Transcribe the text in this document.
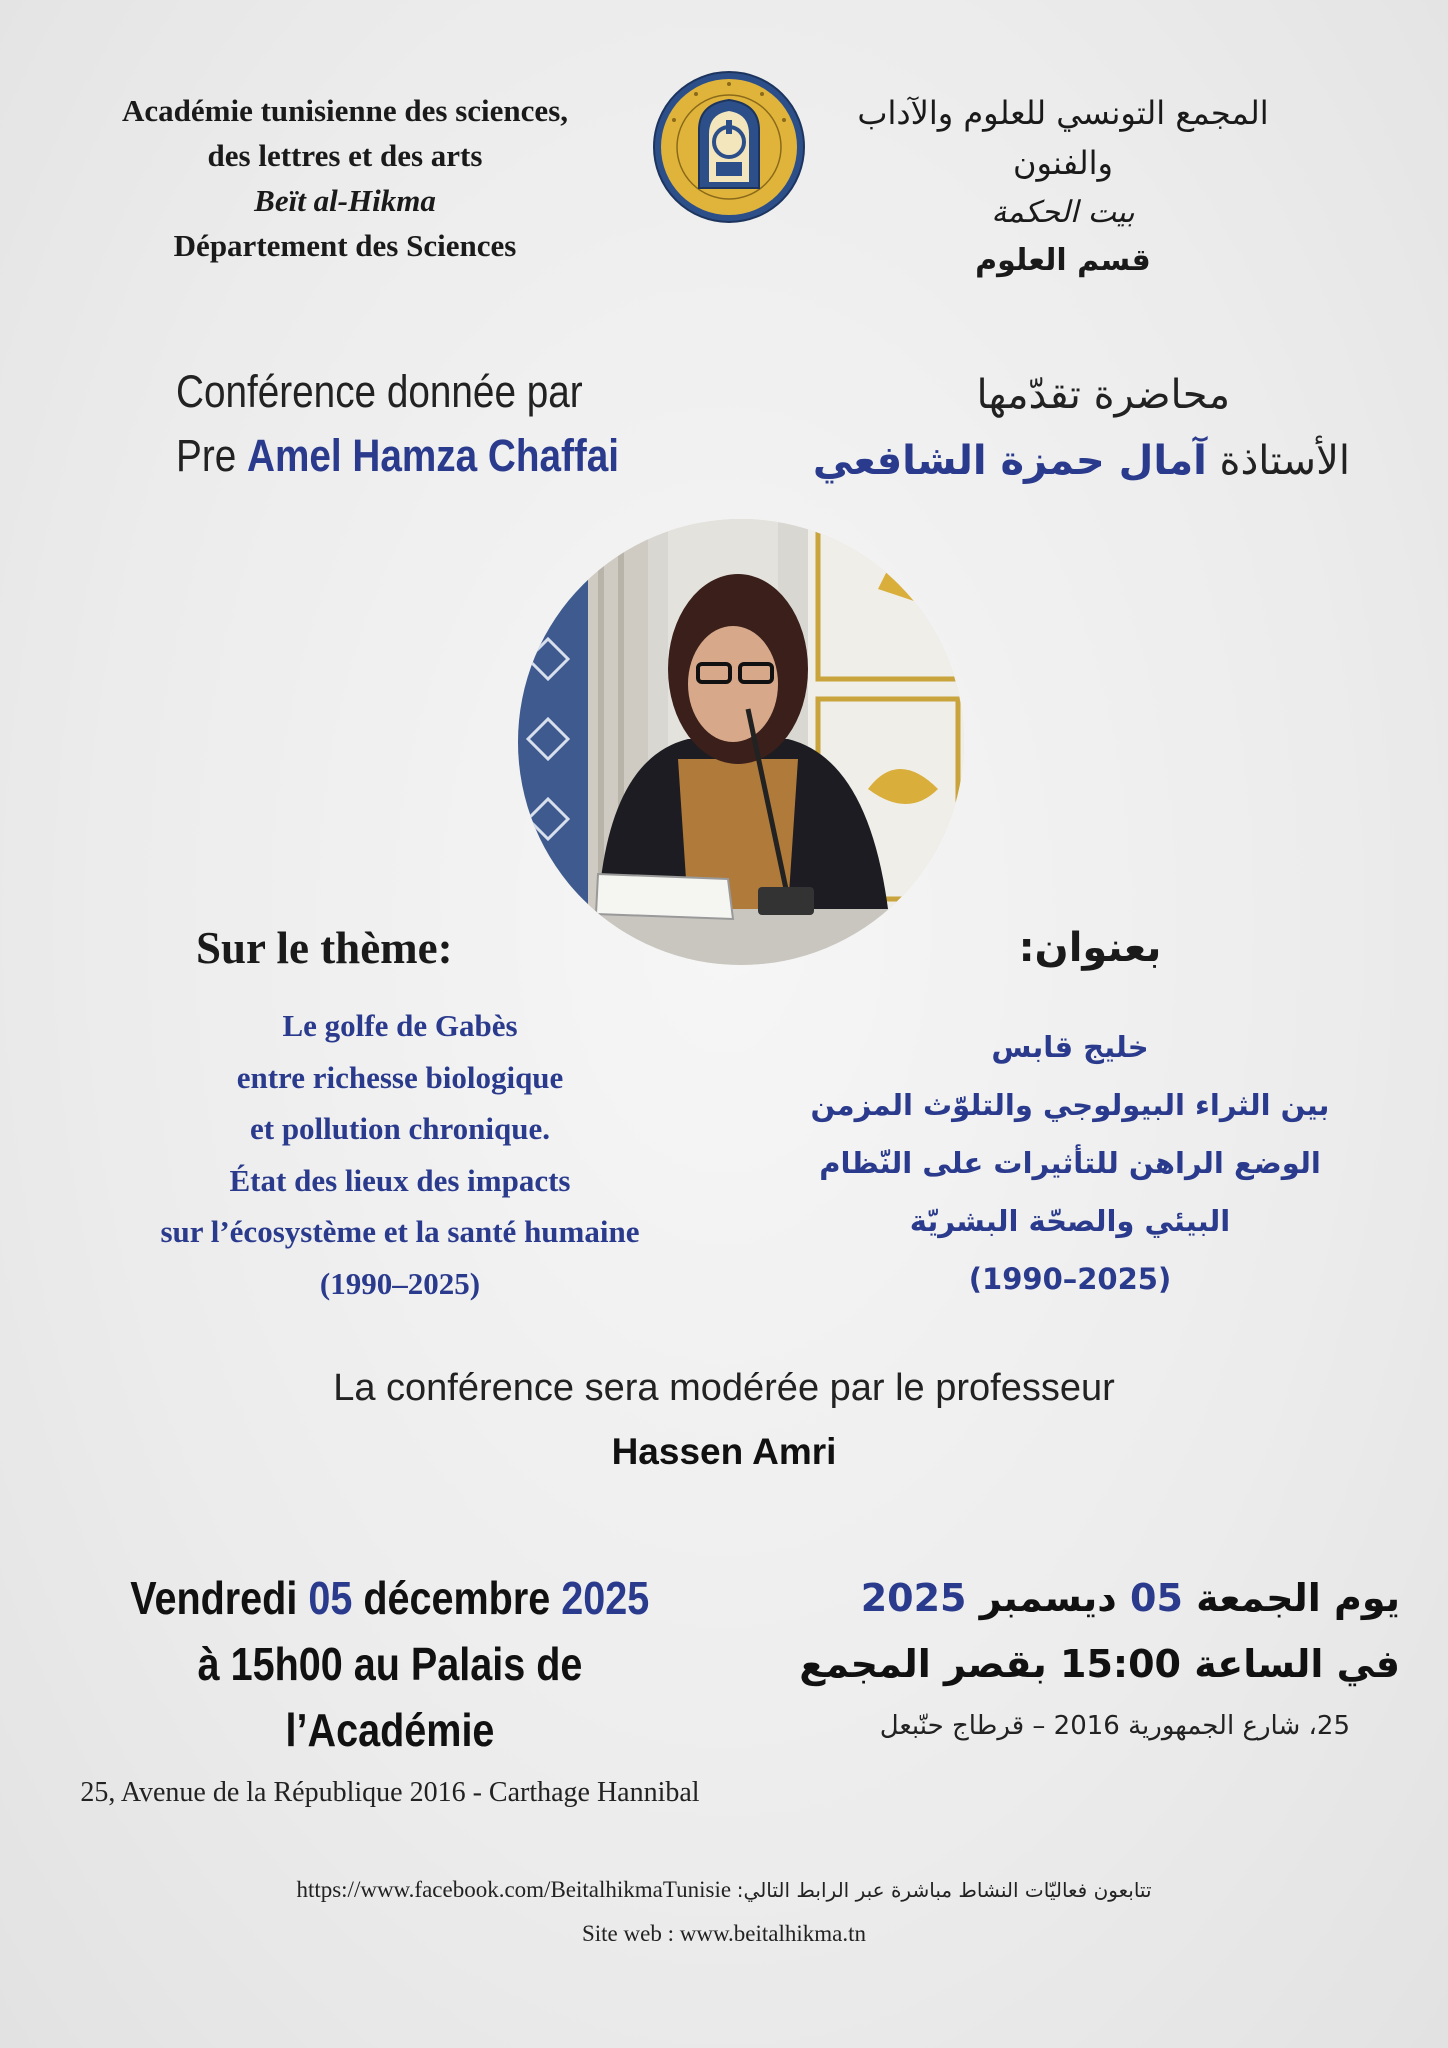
Académie tunisienne des sciences,
des lettres et des arts
Beït al-Hikma
Département des Sciences
المجمع التونسي للعلوم والآداب والفنون
بيت الحكمة
قسم العلوم
Conférence donnée par
Pre Amel Hamza Chaffai
محاضرة تقدّمها
الأستاذة آمال حمزة الشافعي
Sur le thème:
Le golfe de Gabès
entre richesse biologique
et pollution chronique.
État des lieux des impacts
sur l’écosystème et la santé humaine
(1990–2025)
بعنوان:
خليج قابس
بين الثراء البيولوجي والتلوّث المزمن
الوضع الراهن للتأثيرات على النّظام
البيئي والصحّة البشريّة
(2025–1990)
La conférence sera modérée par le professeur
Hassen Amri
Vendredi 05 décembre 2025
à 15h00 au Palais de l’Académie
25, Avenue de la République 2016 - Carthage Hannibal
يوم الجمعة 05 ديسمبر 2025
في الساعة 15:00 بقصر المجمع
25، شارع الجمهورية 2016 – قرطاج حنّبعل
https://www.facebook.com/BeitalhikmaTunisie تتابعون فعاليّات النشاط مباشرة عبر الرابط التالي:
Site web : www.beitalhikma.tn
